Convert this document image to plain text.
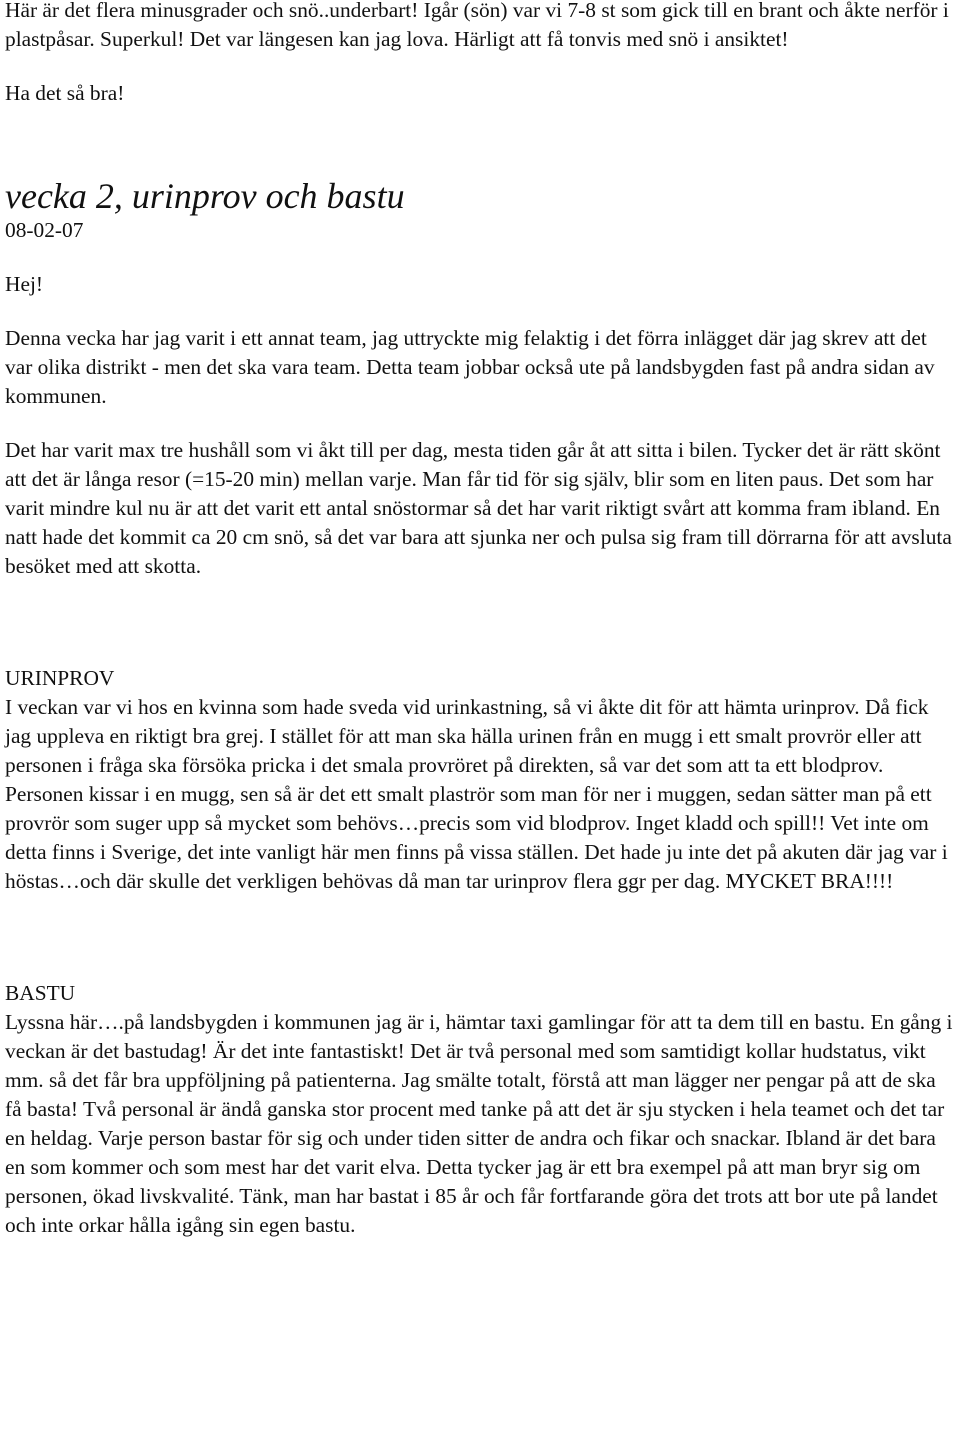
Här är det flera minusgrader och snö..underbart! Igår (sön) var vi 7-8 st som gick till en brant och åkte nerför i plastpåsar. Superkul! Det var längesen kan jag lova. Härligt att få tonvis med snö i ansiktet!

Ha det så bra!

vecka 2, urinprov och bastu

08-02-07

Hej!

Denna vecka har jag varit i ett annat team, jag uttryckte mig felaktig i det förra inlägget där jag skrev att det var olika distrikt - men det ska vara team. Detta team jobbar också ute på landsbygden fast på andra sidan av kommunen.

Det har varit max tre hushåll som vi åkt till per dag, mesta tiden går åt att sitta i bilen. Tycker det är rätt skönt att det är långa resor (=15-20 min) mellan varje. Man får tid för sig själv, blir som en liten paus. Det som har varit mindre kul nu är att det varit ett antal snöstormar så det har varit riktigt svårt att komma fram ibland. En natt hade det kommit ca 20 cm snö, så det var bara att sjunka ner och pulsa sig fram till dörrarna för att avsluta besöket med att skotta.

URINPROV

I veckan var vi hos en kvinna som hade sveda vid urinkastning, så vi åkte dit för att hämta urinprov. Då fick jag uppleva en riktigt bra grej. I stället för att man ska hälla urinen från en mugg i ett smalt provrör eller att personen i fråga ska försöka pricka i det smala provröret på direkten, så var det som att ta ett blodprov. Personen kissar i en mugg, sen så är det ett smalt plaströr som man för ner i muggen, sedan sätter man på ett provrör som suger upp så mycket som behövs…precis som vid blodprov. Inget kladd och spill!! Vet inte om detta finns i Sverige, det inte vanligt här men finns på vissa ställen. Det hade ju inte det på akuten där jag var i höstas…och där skulle det verkligen behövas då man tar urinprov flera ggr per dag. MYCKET BRA!!!!

BASTU

Lyssna här….på landsbygden i kommunen jag är i, hämtar taxi gamlingar för att ta dem till en bastu. En gång i veckan är det bastudag! Är det inte fantastiskt! Det är två personal med som samtidigt kollar hudstatus, vikt mm. så det får bra uppföljning på patienterna. Jag smälte totalt, förstå att man lägger ner pengar på att de ska få basta! Två personal är ändå ganska stor procent med tanke på att det är sju stycken i hela teamet och det tar en heldag. Varje person bastar för sig och under tiden sitter de andra och fikar och snackar. Ibland är det bara en som kommer och som mest har det varit elva. Detta tycker jag är ett bra exempel på att man bryr sig om personen, ökad livskvalité. Tänk, man har bastat i 85 år och får fortfarande göra det trots att bor ute på landet och inte orkar hålla igång sin egen bastu.
